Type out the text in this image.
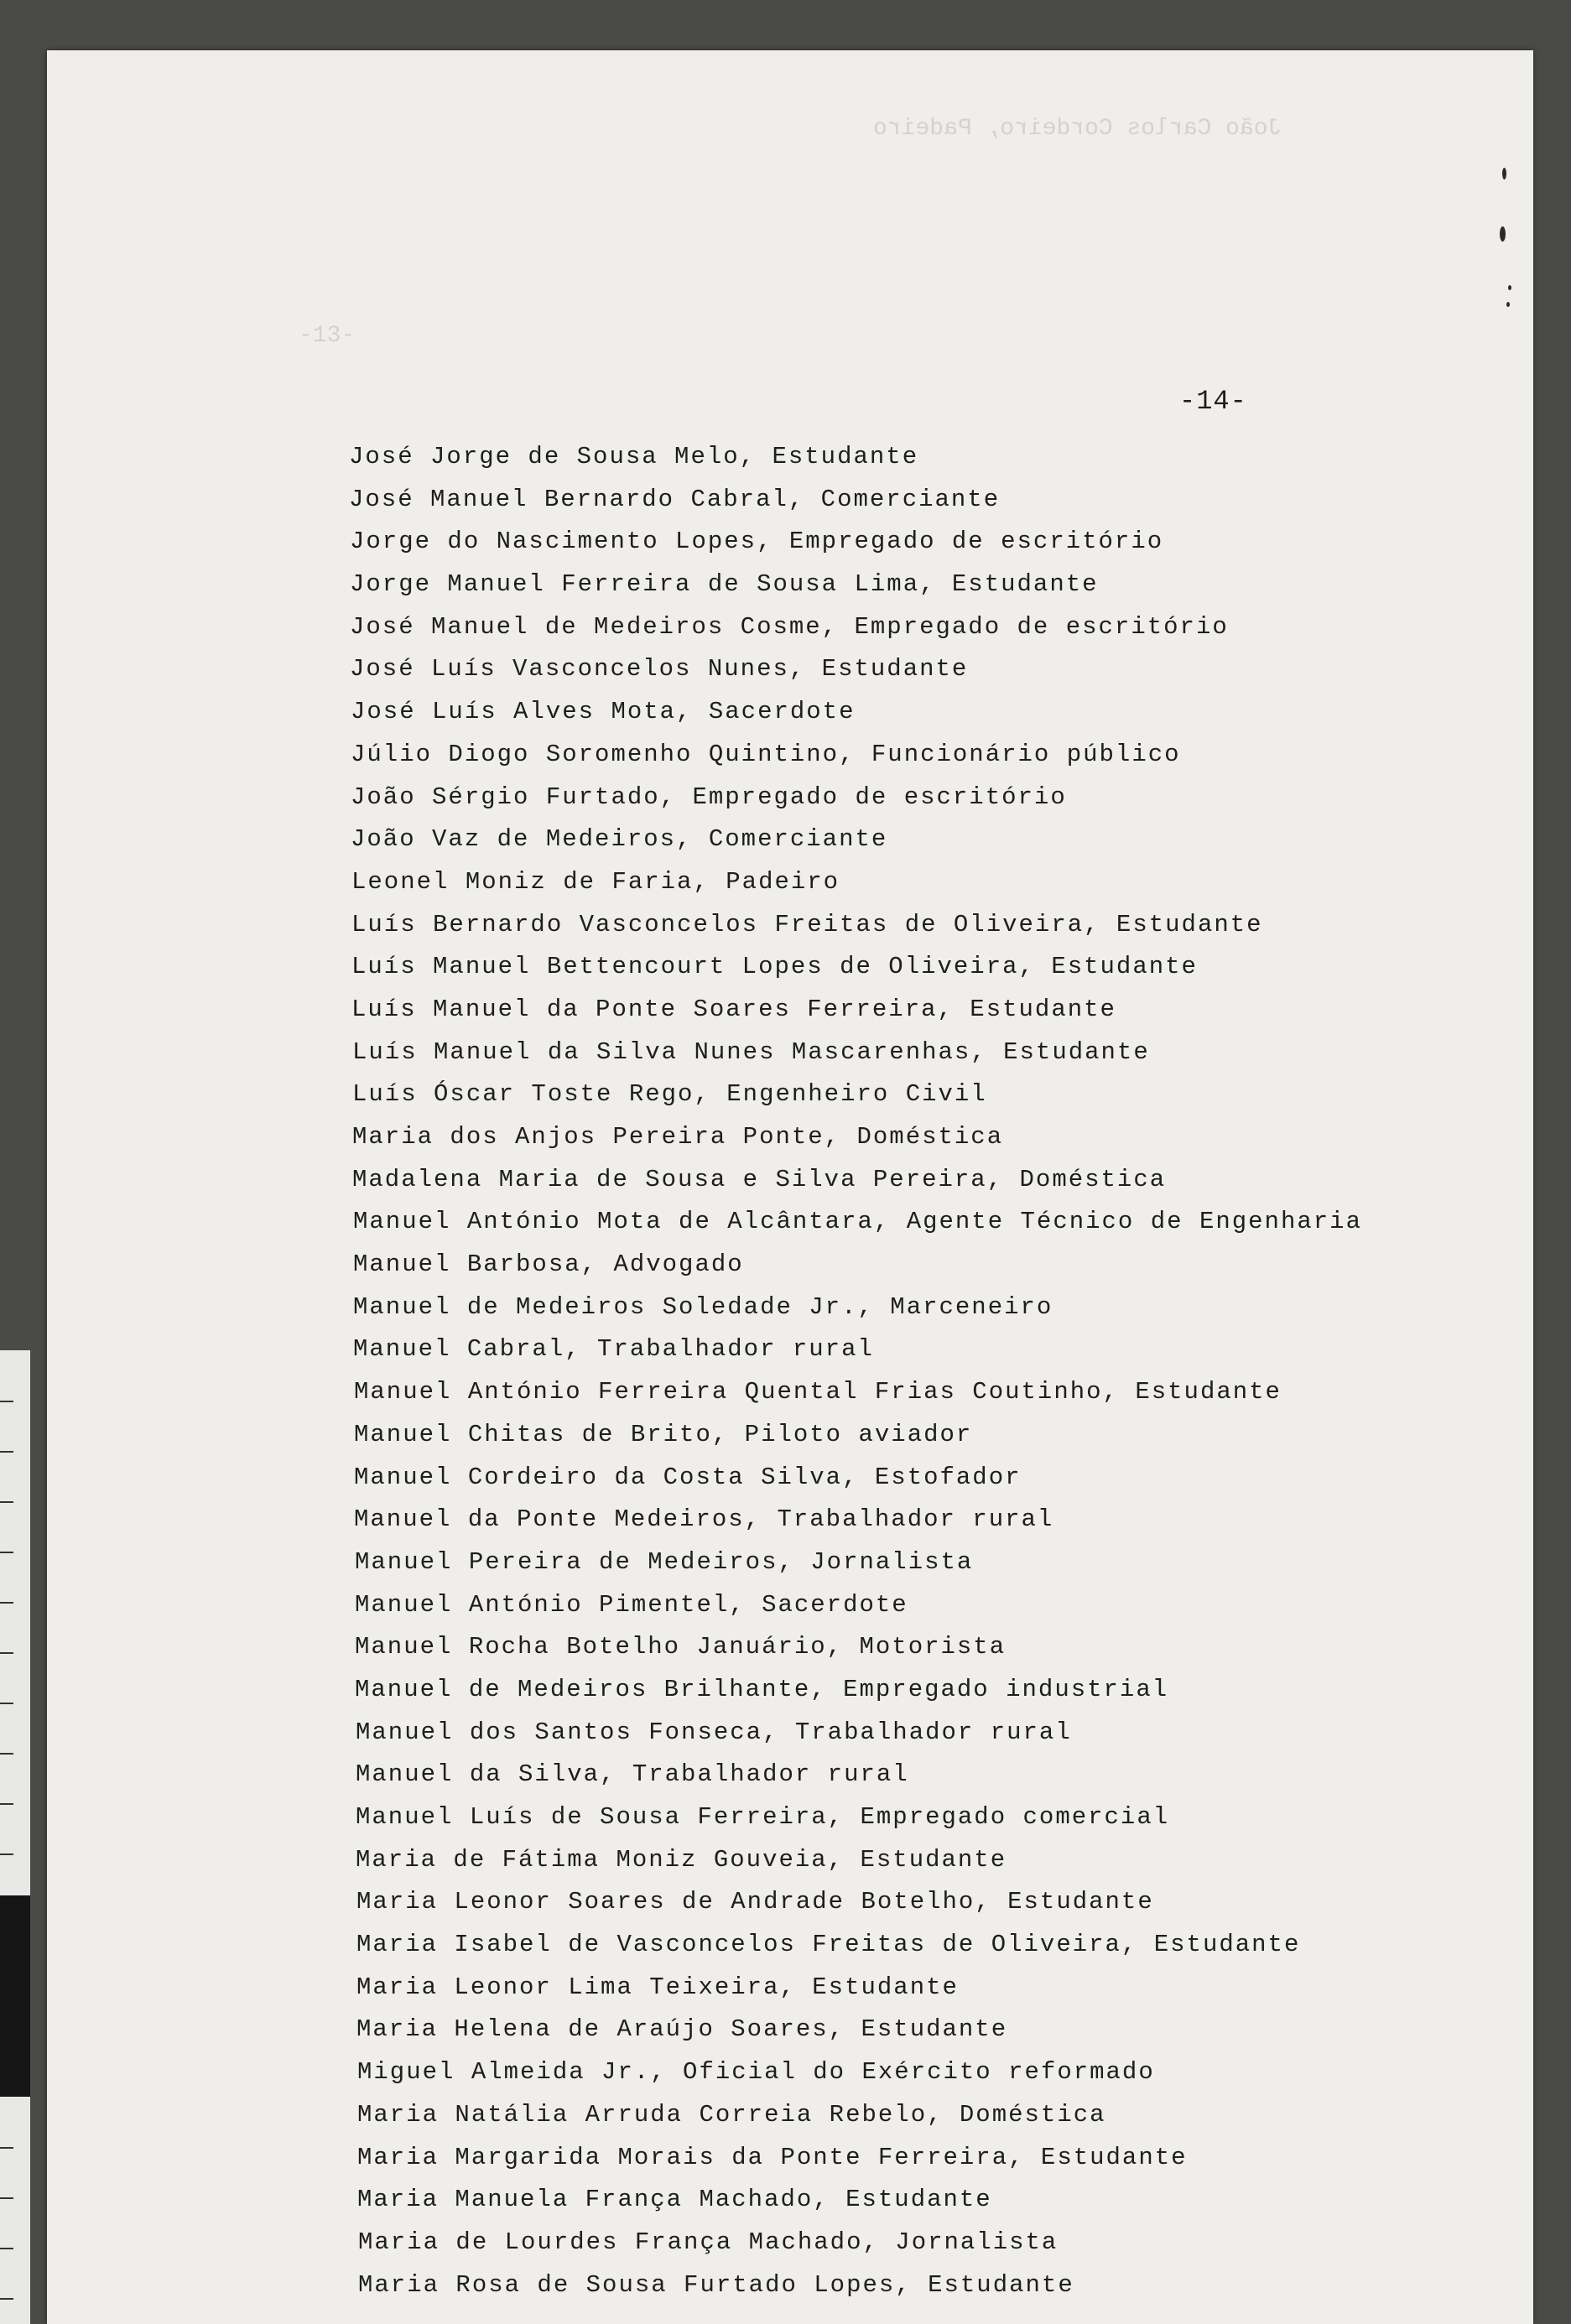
João Carlos Cordeiro, Padeiro
-13-
-14-
José Jorge de Sousa Melo, Estudante
José Manuel Bernardo Cabral, Comerciante
Jorge do Nascimento Lopes, Empregado de escritório
Jorge Manuel Ferreira de Sousa Lima, Estudante
José Manuel de Medeiros Cosme, Empregado de escritório
José Luís Vasconcelos Nunes, Estudante
José Luís Alves Mota, Sacerdote
Júlio Diogo Soromenho Quintino, Funcionário público
João Sérgio Furtado, Empregado de escritório
João Vaz de Medeiros, Comerciante
Leonel Moniz de Faria, Padeiro
Luís Bernardo Vasconcelos Freitas de Oliveira, Estudante
Luís Manuel Bettencourt Lopes de Oliveira, Estudante
Luís Manuel da Ponte Soares Ferreira, Estudante
Luís Manuel da Silva Nunes Mascarenhas, Estudante
Luís Óscar Toste Rego, Engenheiro Civil
Maria dos Anjos Pereira Ponte, Doméstica
Madalena Maria de Sousa e Silva Pereira, Doméstica
Manuel António Mota de Alcântara, Agente Técnico de Engenharia
Manuel Barbosa, Advogado
Manuel de Medeiros Soledade Jr., Marceneiro
Manuel Cabral, Trabalhador rural
Manuel António Ferreira Quental Frias Coutinho, Estudante
Manuel Chitas de Brito, Piloto aviador
Manuel Cordeiro da Costa Silva, Estofador
Manuel da Ponte Medeiros, Trabalhador rural
Manuel Pereira de Medeiros, Jornalista
Manuel António Pimentel, Sacerdote
Manuel Rocha Botelho Januário, Motorista
Manuel de Medeiros Brilhante, Empregado industrial
Manuel dos Santos Fonseca, Trabalhador rural
Manuel da Silva, Trabalhador rural
Manuel Luís de Sousa Ferreira, Empregado comercial
Maria de Fátima Moniz Gouveia, Estudante
Maria Leonor Soares de Andrade Botelho, Estudante
Maria Isabel de Vasconcelos Freitas de Oliveira, Estudante
Maria Leonor Lima Teixeira, Estudante
Maria Helena de Araújo Soares, Estudante
Miguel Almeida Jr., Oficial do Exército reformado
Maria Natália Arruda Correia Rebelo, Doméstica
Maria Margarida Morais da Ponte Ferreira, Estudante
Maria Manuela França Machado, Estudante
Maria de Lourdes França Machado, Jornalista
Maria Rosa de Sousa Furtado Lopes, Estudante
